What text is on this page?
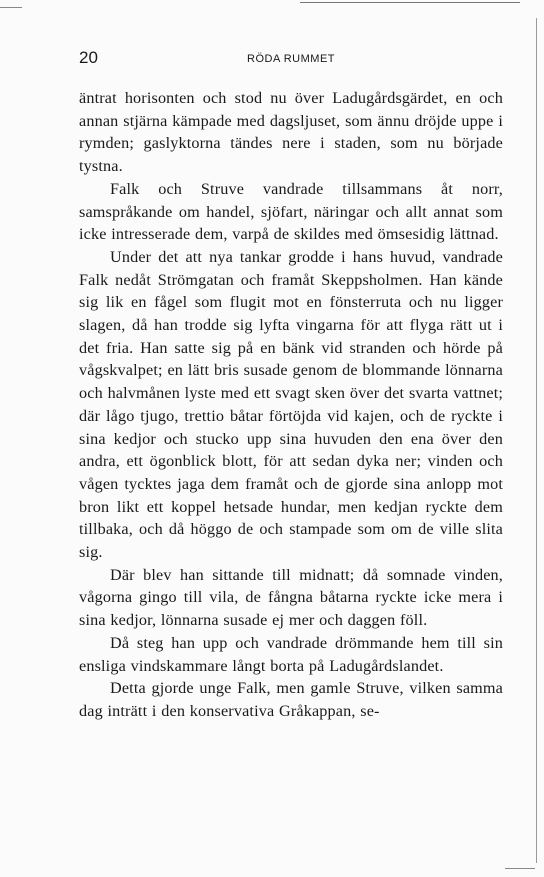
20	RÖDA RUMMET

äntrat horisonten och stod nu över Ladugårdsgärdet, en och annan stjärna kämpade med dagsljuset, som ännu dröjde uppe i rymden; gaslyktorna tändes nere i staden, som nu började tystna.

Falk och Struve vandrade tillsammans åt norr, samspråkande om handel, sjöfart, näringar och allt annat som icke intresserade dem, varpå de skildes med ömsesidig lättnad.

Under det att nya tankar grodde i hans huvud, vandrade Falk nedåt Strömgatan och framåt Skeppsholmen. Han kände sig lik en fågel som flugit mot en fönsterruta och nu ligger slagen, då han trodde sig lyfta vingarna för att flyga rätt ut i det fria. Han satte sig på en bänk vid stranden och hörde på vågskvalpet; en lätt bris susade genom de blommande lönnarna och halvmånen lyste med ett svagt sken över det svarta vattnet; där lågo tjugo, trettio båtar förtöjda vid kajen, och de ryckte i sina kedjor och stucko upp sina huvuden den ena över den andra, ett ögonblick blott, för att sedan dyka ner; vinden och vågen tycktes jaga dem framåt och de gjorde sina anlopp mot bron likt ett koppel hetsade hundar, men kedjan ryckte dem tillbaka, och då höggo de och stampade som om de ville slita sig.

Där blev han sittande till midnatt; då somnade vinden, vågorna gingo till vila, de fångna båtarna ryckte icke mera i sina kedjor, lönnarna susade ej mer och daggen föll.

Då steg han upp och vandrade drömmande hem till sin ensliga vindskammare långt borta på Ladugårdslandet.

Detta gjorde unge Falk, men gamle Struve, vilken samma dag inträtt i den konservativa Gråkappan, se-
